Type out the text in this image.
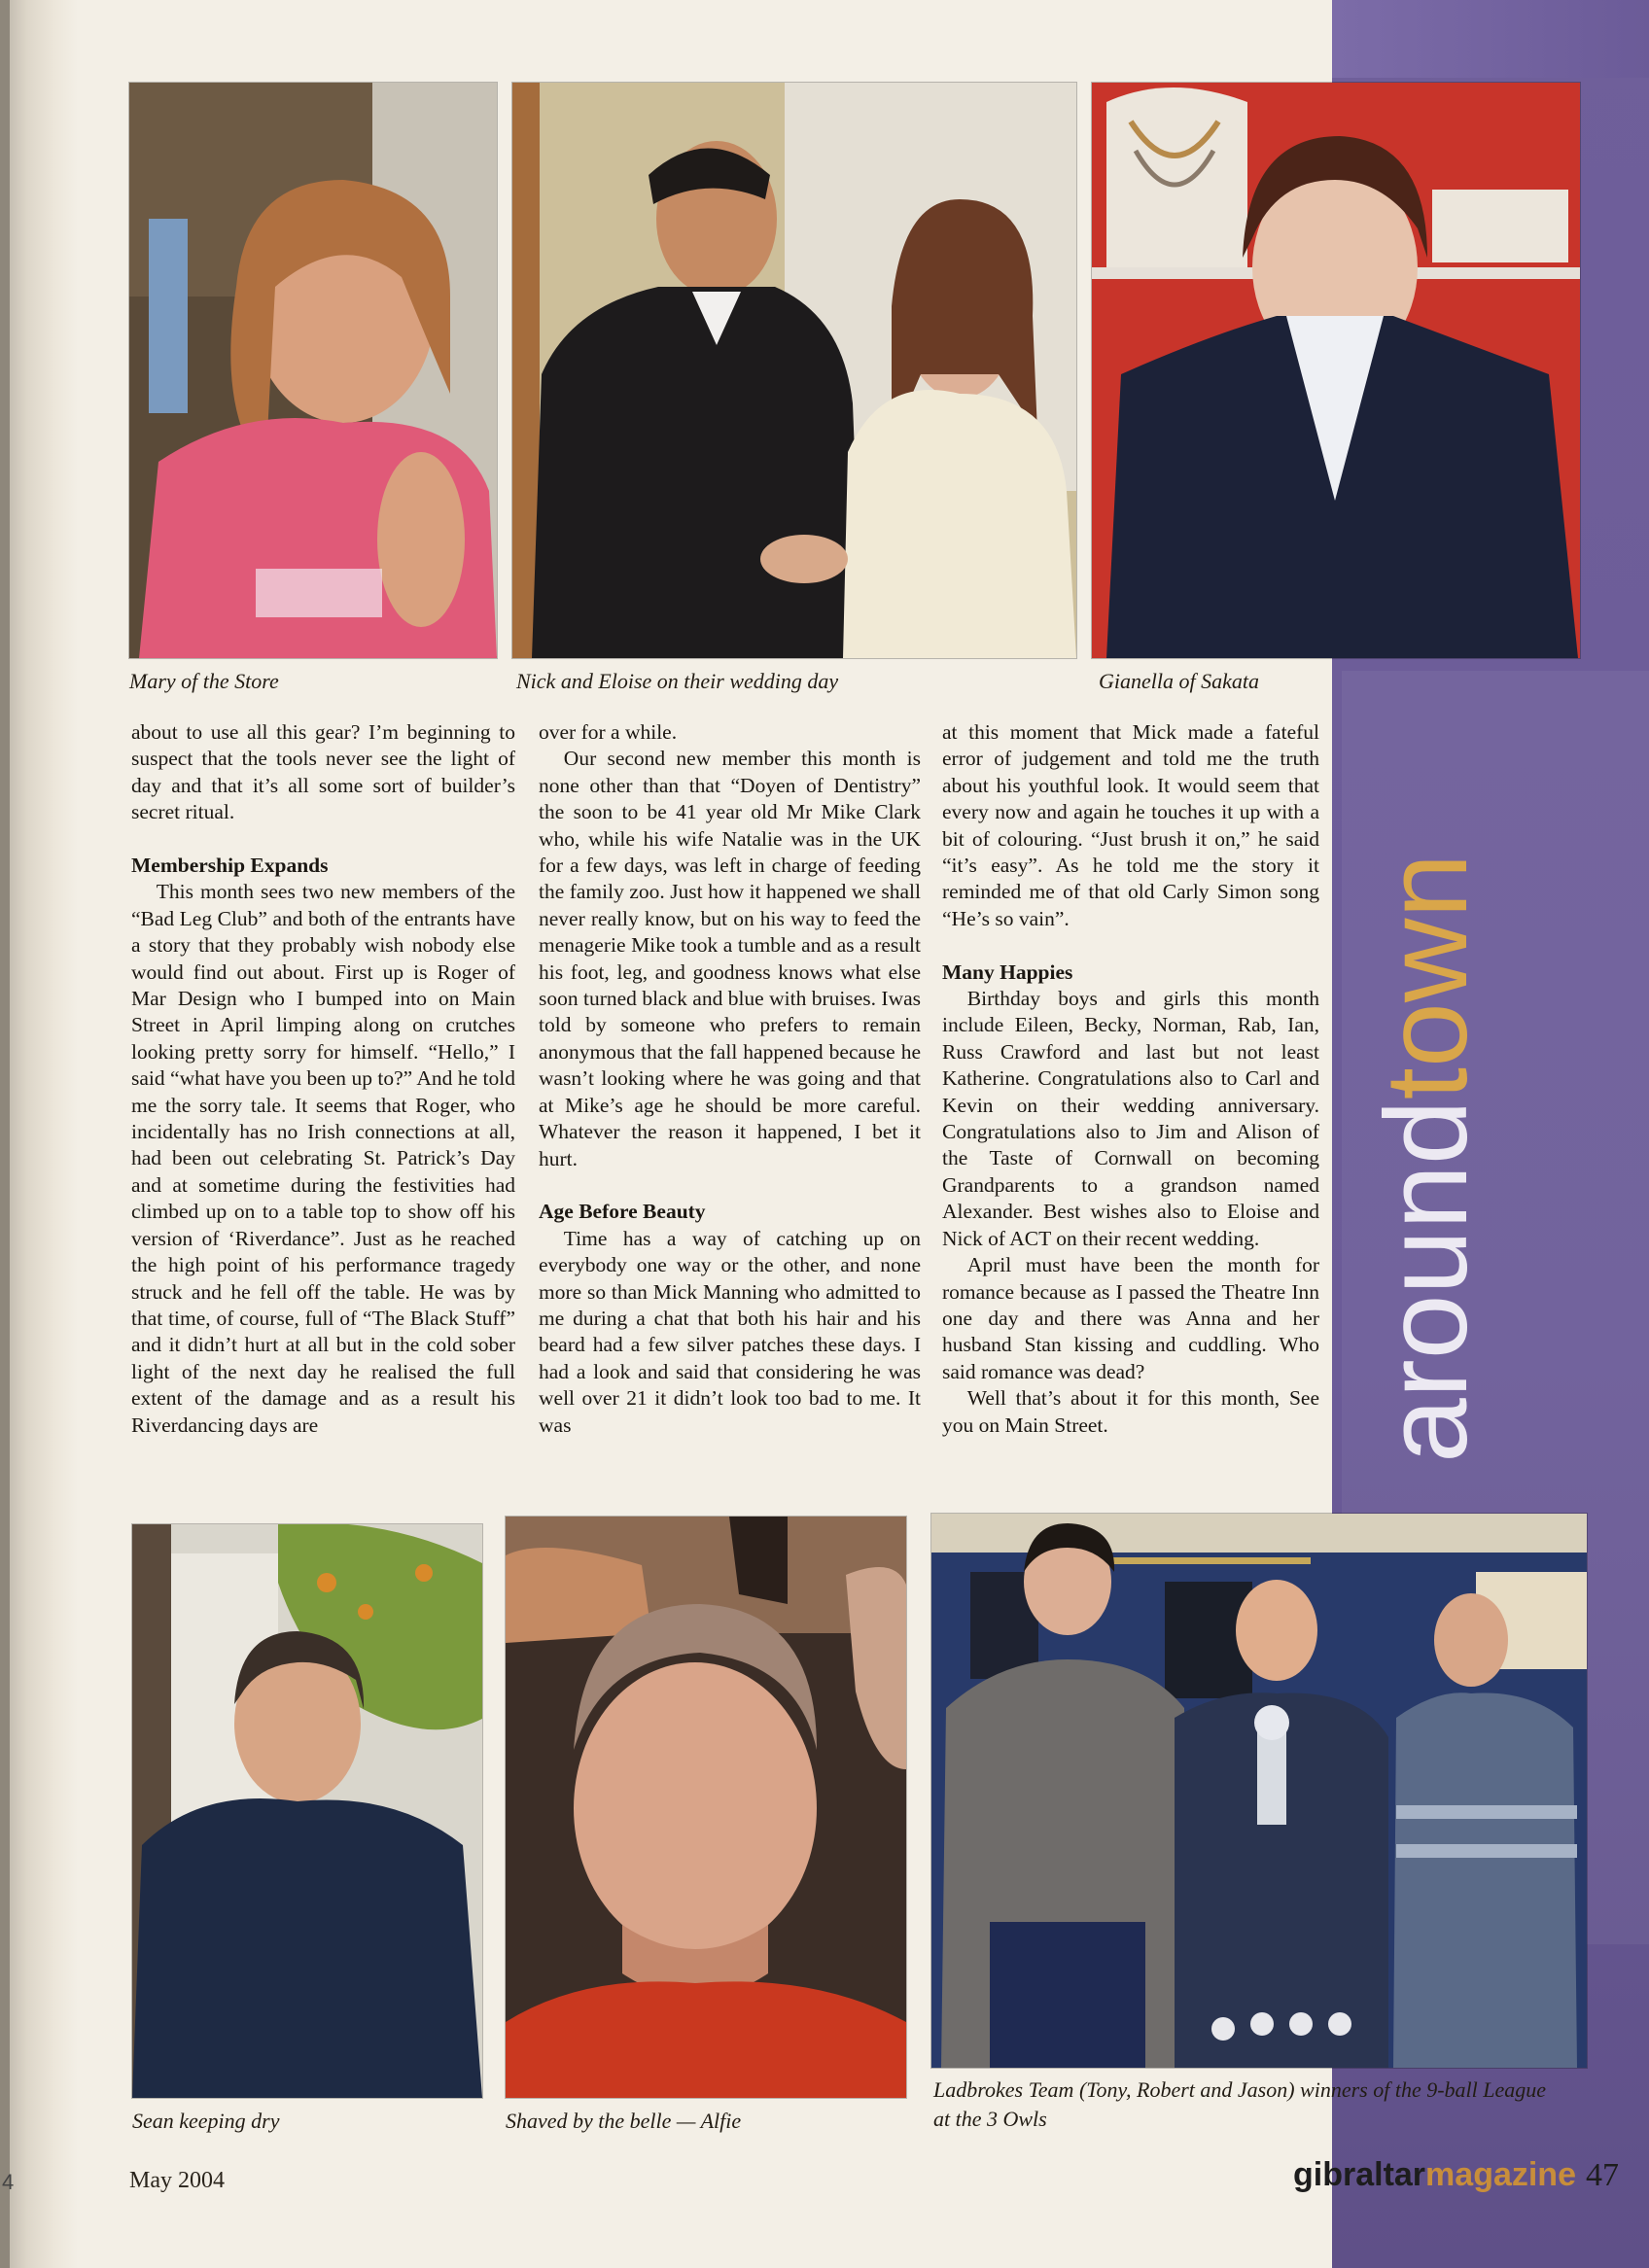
4
aroundtown
Mary of the Store	Nick and Eloise on their wedding day	Gianella of Sakata

about to use all this gear? I’m beginning to suspect that the tools never see the light of day and that it’s all some sort of builder’s secret ritual.

Membership Expands

This month sees two new members of the “Bad Leg Club” and both of the entrants have a story that they probably wish nobody else would find out about. First up is Roger of Mar Design who I bumped into on Main Street in April limping along on crutches looking pretty sorry for himself. “Hello,” I said “what have you been up to?” And he told me the sorry tale. It seems that Roger, who incidentally has no Irish connections at all, had been out celebrating St. Patrick’s Day and at sometime during the festivities had climbed up on to a table top to show off his version of ‘Riverdance”. Just as he reached the high point of his performance tragedy struck and he fell off the table. He was by that time, of course, full of “The Black Stuff” and it didn’t hurt at all but in the cold sober light of the next day he realised the full extent of the damage and as a result his Riverdancing days are

over for a while.

Our second new member this month is none other than that “Doyen of Dentistry” the soon to be 41 year old Mr Mike Clark who, while his wife Natalie was in the UK for a few days, was left in charge of feeding the family zoo. Just how it happened we shall never really know, but on his way to feed the menagerie Mike took a tumble and as a result his foot, leg, and goodness knows what else soon turned black and blue with bruises. Iwas told by someone who prefers to remain anonymous that the fall happened because he wasn’t looking where he was going and that at Mike’s age he should be more careful. Whatever the reason it happened, I bet it hurt.

Age Before Beauty

Time has a way of catching up on everybody one way or the other, and none more so than Mick Manning who admitted to me during a chat that both his hair and his beard had a few silver patches these days. I had a look and said that considering he was well over 21 it didn’t look too bad to me. It was

at this moment that Mick made a fateful error of judgement and told me the truth about his youthful look. It would seem that every now and again he touches it up with a bit of colouring. “Just brush it on,” he said “it’s easy”. As he told me the story it reminded me of that old Carly Simon song “He’s so vain”.

Many Happies

Birthday boys and girls this month include Eileen, Becky, Norman, Rab, Ian, Russ Crawford and last but not least Katherine. Congratulations also to Carl and Kevin on their wedding anniversary. Congratulations also to Jim and Alison of the Taste of Cornwall on becoming Grandparents to a grandson named Alexander. Best wishes also to Eloise and Nick of ACT on their recent wedding.

April must have been the month for romance because as I passed the Theatre Inn one day and there was Anna and her husband Stan kissing and cuddling. Who said romance was dead?

Well that’s about it for this month, See you on Main Street.

Sean keeping dry	Shaved by the belle — Alfie
Ladbrokes Team (Tony, Robert and Jason) winners of the 9-ball League
at the 3 Owls
May 2004	gibraltarmagazine 47
